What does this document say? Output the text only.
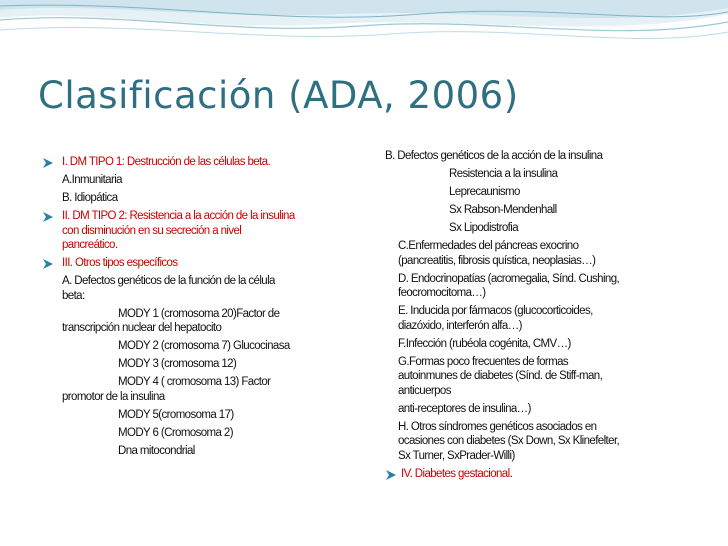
Clasificación (ADA, 2006)
I. DM TIPO 1: Destrucción de las células beta.
A.Inmunitaria
B. Idiopática
II. DM TIPO 2: Resistencia a la acción de la insulina
con disminución en su secreción a nivel
pancreático.
III. Otros tipos específicos
A. Defectos genéticos de la función de la célula
beta:
MODY 1 (cromosoma 20)Factor de
transcripción nuclear del hepatocito
MODY 2 (cromosoma 7) Glucocinasa
MODY 3 (cromosoma 12)
MODY 4 ( cromosoma 13) Factor
promotor de la insulina
MODY 5(cromosoma 17)
MODY 6 (Cromosoma 2)
Dna mitocondrial
B. Defectos genéticos de la acción de la insulina
Resistencia a la insulina
Leprecaunismo
Sx Rabson-Mendenhall
Sx Lipodistrofia
C.Enfermedades del páncreas exocrino
(pancreatitis, fibrosis quística, neoplasias…)
D. Endocrinopatías (acromegalia, Sínd. Cushing,
feocromocitoma…)
E. Inducida por fármacos (glucocorticoides,
diazóxido, interferón alfa…)
F.Infección (rubéola cogénita, CMV…)
G.Formas poco frecuentes de formas
autoinmunes de diabetes (Sínd. de Stiff-man,
anticuerpos
anti-receptores de insulina…)
H. Otros síndromes genéticos asociados en
ocasiones con diabetes (Sx Down, Sx Klinefelter,
Sx Turner, SxPrader-Willi)
IV. Diabetes gestacional.
